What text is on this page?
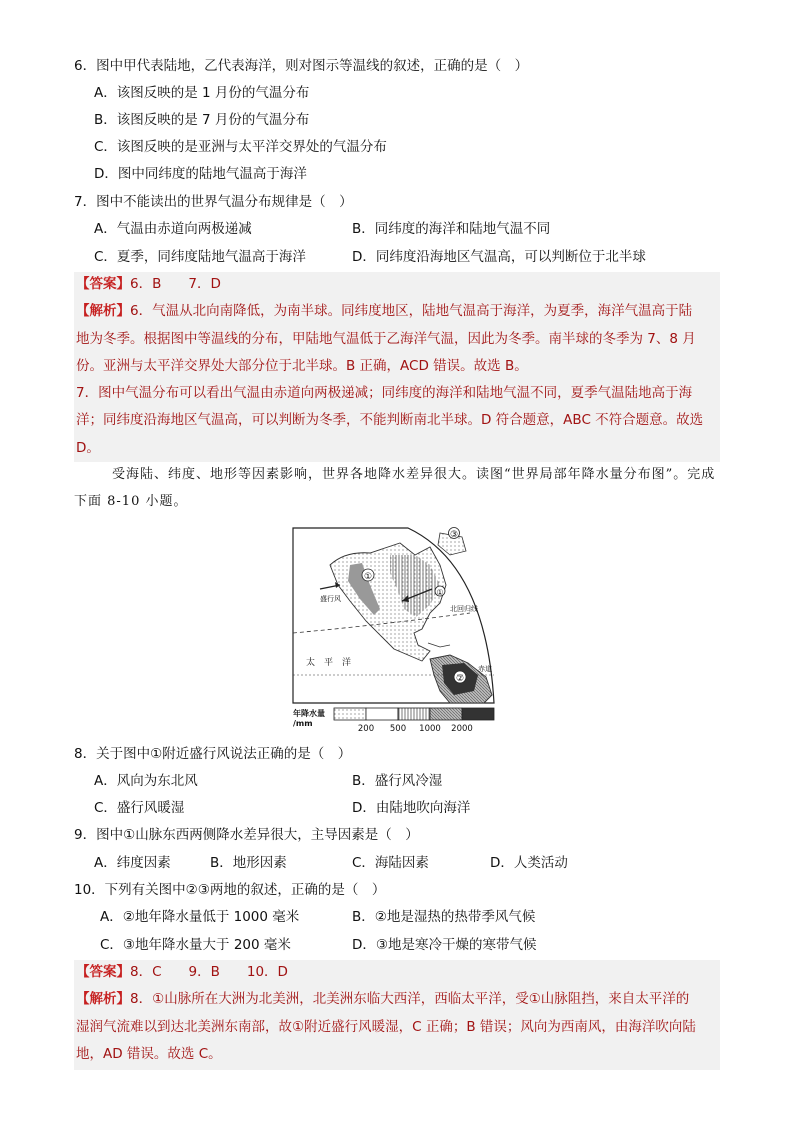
6．图中甲代表陆地，乙代表海洋，则对图示等温线的叙述，正确的是（　）
A．该图反映的是 1 月份的气温分布
B．该图反映的是 7 月份的气温分布
C．该图反映的是亚洲与太平洋交界处的气温分布
D．图中同纬度的陆地气温高于海洋
7．图中不能读出的世界气温分布规律是（　）
A．气温由赤道向两极递减	B．同纬度的海洋和陆地气温不同
C．夏季，同纬度陆地气温高于海洋	D．同纬度沿海地区气温高，可以判断位于北半球
【答案】6．B　　7．D
【解析】6．气温从北向南降低，为南半球。同纬度地区，陆地气温高于海洋，为夏季，海洋气温高于陆
地为冬季。根据图中等温线的分布，甲陆地气温低于乙海洋气温，因此为冬季。南半球的冬季为 7、8 月
份。亚洲与太平洋交界处大部分位于北半球。B 正确，ACD 错误。故选 B。
7．图中气温分布可以看出气温由赤道向两极递减；同纬度的海洋和陆地气温不同，夏季气温陆地高于海
洋；同纬度沿海地区气温高，可以判断为冬季，不能判断南北半球。D 符合题意，ABC 不符合题意。故选
D。
受海陆、纬度、地形等因素影响，世界各地降水差异很大。读图“世界局部年降水量分布图”。完成
下面 8-10 小题。
②
北回归线
赤道
太　平　洋
盛行风
①
③
①
年降水量
/mm
200 500 1000 2000
8．关于图中①附近盛行风说法正确的是（　）
A．风向为东北风	B．盛行风冷湿
C．盛行风暖湿	D．由陆地吹向海洋
9．图中①山脉东西两侧降水差异很大，主导因素是（　）
A．纬度因素	B．地形因素	C．海陆因素	D．人类活动
10．下列有关图中②③两地的叙述，正确的是（　）
A．②地年降水量低于 1000 毫米	B．②地是湿热的热带季风气候
C．③地年降水量大于 200 毫米	D．③地是寒冷干燥的寒带气候
【答案】8．C　　9．B　　10．D
【解析】8．①山脉所在大洲为北美洲，北美洲东临大西洋，西临太平洋，受①山脉阻挡，来自太平洋的
湿润气流难以到达北美洲东南部，故①附近盛行风暖湿，C 正确；B 错误；风向为西南风，由海洋吹向陆
地，AD 错误。故选 C。
